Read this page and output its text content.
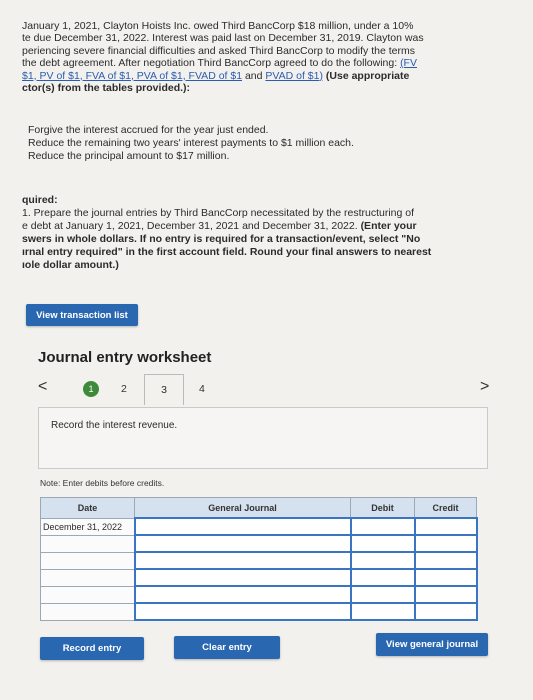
January 1, 2021, Clayton Hoists Inc. owed Third BancCorp $18 million, under a 10%

te due December 31, 2022. Interest was paid last on December 31, 2019. Clayton was

periencing severe financial difficulties and asked Third BancCorp to modify the terms

the debt agreement. After negotiation Third BancCorp agreed to do the following: (FV

$1, PV of $1, FVA of $1, PVA of $1, FVAD of $1 and PVAD of $1) (Use appropriate

ctor(s) from the tables provided.):

Forgive the interest accrued for the year just ended.
Reduce the remaining two years' interest payments to $1 million each.
Reduce the principal amount to $17 million.
quired:
1. Prepare the journal entries by Third BancCorp necessitated by the restructuring of
e debt at January 1, 2021, December 31, 2021 and December 31, 2022. (Enter your
swers in whole dollars. If no entry is required for a transaction/event, select "No
ırnal entry required" in the first account field. Round your final answers to nearest
ıole dollar amount.)
View transaction list
Journal entry worksheet
<	1	2	3	4	>
Record the interest revenue.
Note: Enter debits before credits.
Date	General Journal	Debit	Credit
December 31, 2022			

Record entry	Clear entry	View general journal
